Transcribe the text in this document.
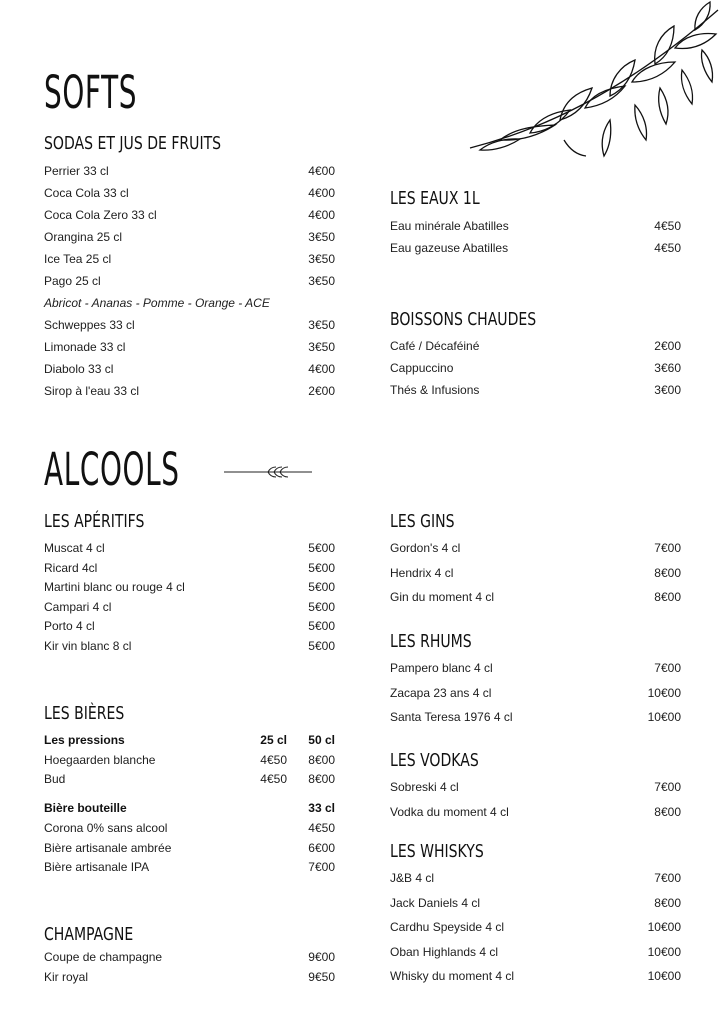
SOFTS
SODAS ET JUS DE FRUITS
Perrier 33 cl	4€00
Coca Cola 33 cl	4€00
Coca Cola Zero 33 cl	4€00
Orangina 25 cl	3€50
Ice Tea 25 cl	3€50
Pago 25 cl	3€50
Abricot - Ananas - Pomme - Orange - ACE
Schweppes 33 cl	3€50
Limonade 33 cl	3€50
Diabolo 33 cl	4€00
Sirop à l'eau 33 cl	2€00
LES EAUX 1L
Eau minérale Abatilles	4€50
Eau gazeuse Abatilles	4€50
BOISSONS CHAUDES
Café / Décaféiné	2€00
Cappuccino	3€60
Thés & Infusions	3€00
ALCOOLS
LES APÉRITIFS
Muscat 4 cl	5€00
Ricard 4cl	5€00
Martini blanc ou rouge 4 cl	5€00
Campari 4 cl	5€00
Porto 4 cl	5€00
Kir vin blanc 8 cl	5€00
LES BIÈRES
Les pressions	25 cl 50 cl
Hoegaarden blanche	4€50 8€00
Bud	4€50 8€00
Bière bouteille	33 cl
Corona 0% sans alcool	4€50
Bière artisanale ambrée	6€00
Bière artisanale IPA	7€00
CHAMPAGNE
Coupe de champagne	9€00
Kir royal	9€50
LES GINS
Gordon's 4 cl	7€00
Hendrix 4 cl	8€00
Gin du moment 4 cl	8€00
LES RHUMS
Pampero blanc 4 cl	7€00
Zacapa 23 ans 4 cl	10€00
Santa Teresa 1976 4 cl	10€00
LES VODKAS
Sobreski 4 cl	7€00
Vodka du moment 4 cl	8€00
LES WHISKYS
J&B 4 cl	7€00
Jack Daniels 4 cl	8€00
Cardhu Speyside 4 cl	10€00
Oban Highlands 4 cl	10€00
Whisky du moment 4 cl	10€00
